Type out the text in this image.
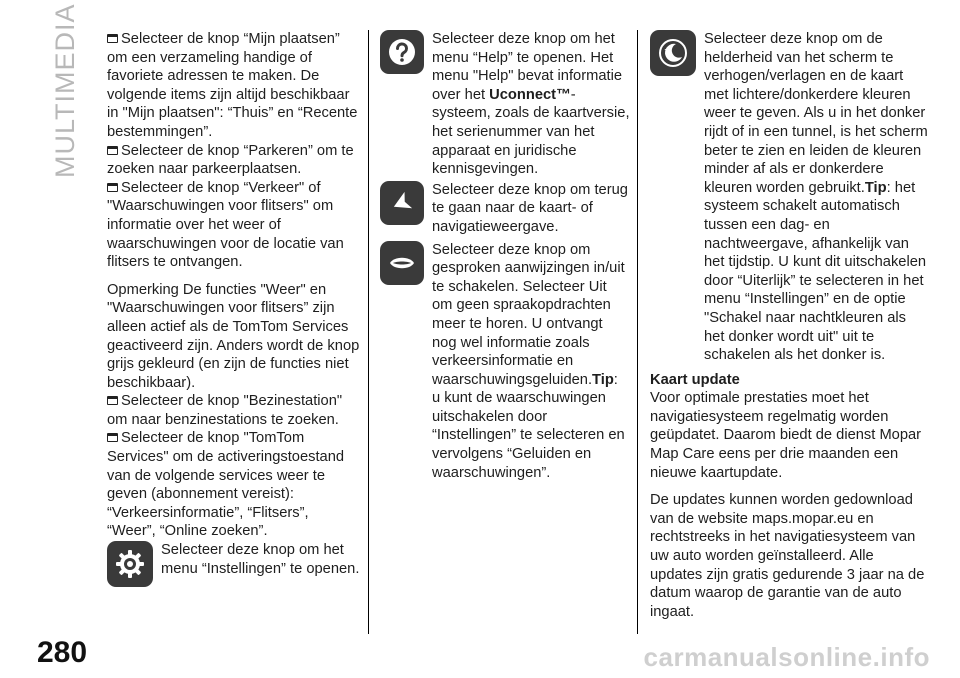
MULTIMEDIA	Selecteer de knop “Mijn plaatsen” om een verzameling handige of favoriete adressen te maken. De volgende items zijn altijd beschikbaar in "Mijn plaatsen": “Thuis” en “Recente bestemmingen”.

Selecteer de knop “Parkeren” om te zoeken naar parkeerplaatsen.

Selecteer de knop “Verkeer" of "Waarschuwingen voor flitsers" om informatie over het weer of waarschuwingen voor de locatie van flitsers te ontvangen.

Opmerking De functies "Weer" en "Waarschuwingen voor flitsers” zijn alleen actief als de TomTom Services geactiveerd zijn. Anders wordt de knop grijs gekleurd (en zijn de functies niet beschikbaar).

Selecteer de knop "Bezinestation" om naar benzinestations te zoeken.

Selecteer de knop "TomTom Services" om de activeringstoestand van de volgende services weer te geven (abonnement vereist): “Verkeersinformatie”, “Flitsers”, “Weer”, “Online zoeken”.

Selecteer deze knop om het menu “Instellingen” te openen.
Selecteer deze knop om het menu “Help” te openen. Het menu "Help" bevat informatie over het Uconnect™-systeem, zoals de kaartversie, het serienummer van het apparaat en juridische kennisgevingen.
Selecteer deze knop om terug te gaan naar de kaart- of navigatieweergave.
Selecteer deze knop om gesproken aanwijzingen in/uit te schakelen. Selecteer Uit om geen spraakopdrachten meer te horen. U ontvangt nog wel informatie zoals verkeersinformatie en waarschuwingsgeluiden.Tip: u kunt de waarschuwingen uitschakelen door “Instellingen” te selecteren en vervolgens “Geluiden en waarschuwingen”.
Selecteer deze knop om de helderheid van het scherm te verhogen/verlagen en de kaart met lichtere/donkerdere kleuren weer te geven. Als u in het donker rijdt of in een tunnel, is het scherm beter te zien en leiden de kleuren minder af als er donkerdere kleuren worden gebruikt.Tip: het systeem schakelt automatisch tussen een dag- en nachtweergave, afhankelijk van het tijdstip. U kunt dit uitschakelen door “Uiterlijk” te selecteren in het menu “Instellingen” en de optie "Schakel naar nachtkleuren als het donker wordt uit" uit te schakelen als het donker is.

Kaart update

Voor optimale prestaties moet het navigatiesysteem regelmatig worden geüpdatet. Daarom biedt de dienst Mopar Map Care eens per drie maanden een nieuwe kaartupdate.

De updates kunnen worden gedownload van de website maps.mopar.eu en rechtstreeks in het navigatiesysteem van uw auto worden geïnstalleerd. Alle updates zijn gratis gedurende 3 jaar na de datum waarop de garantie van de auto ingaat.

280	carmanualsonline.info
